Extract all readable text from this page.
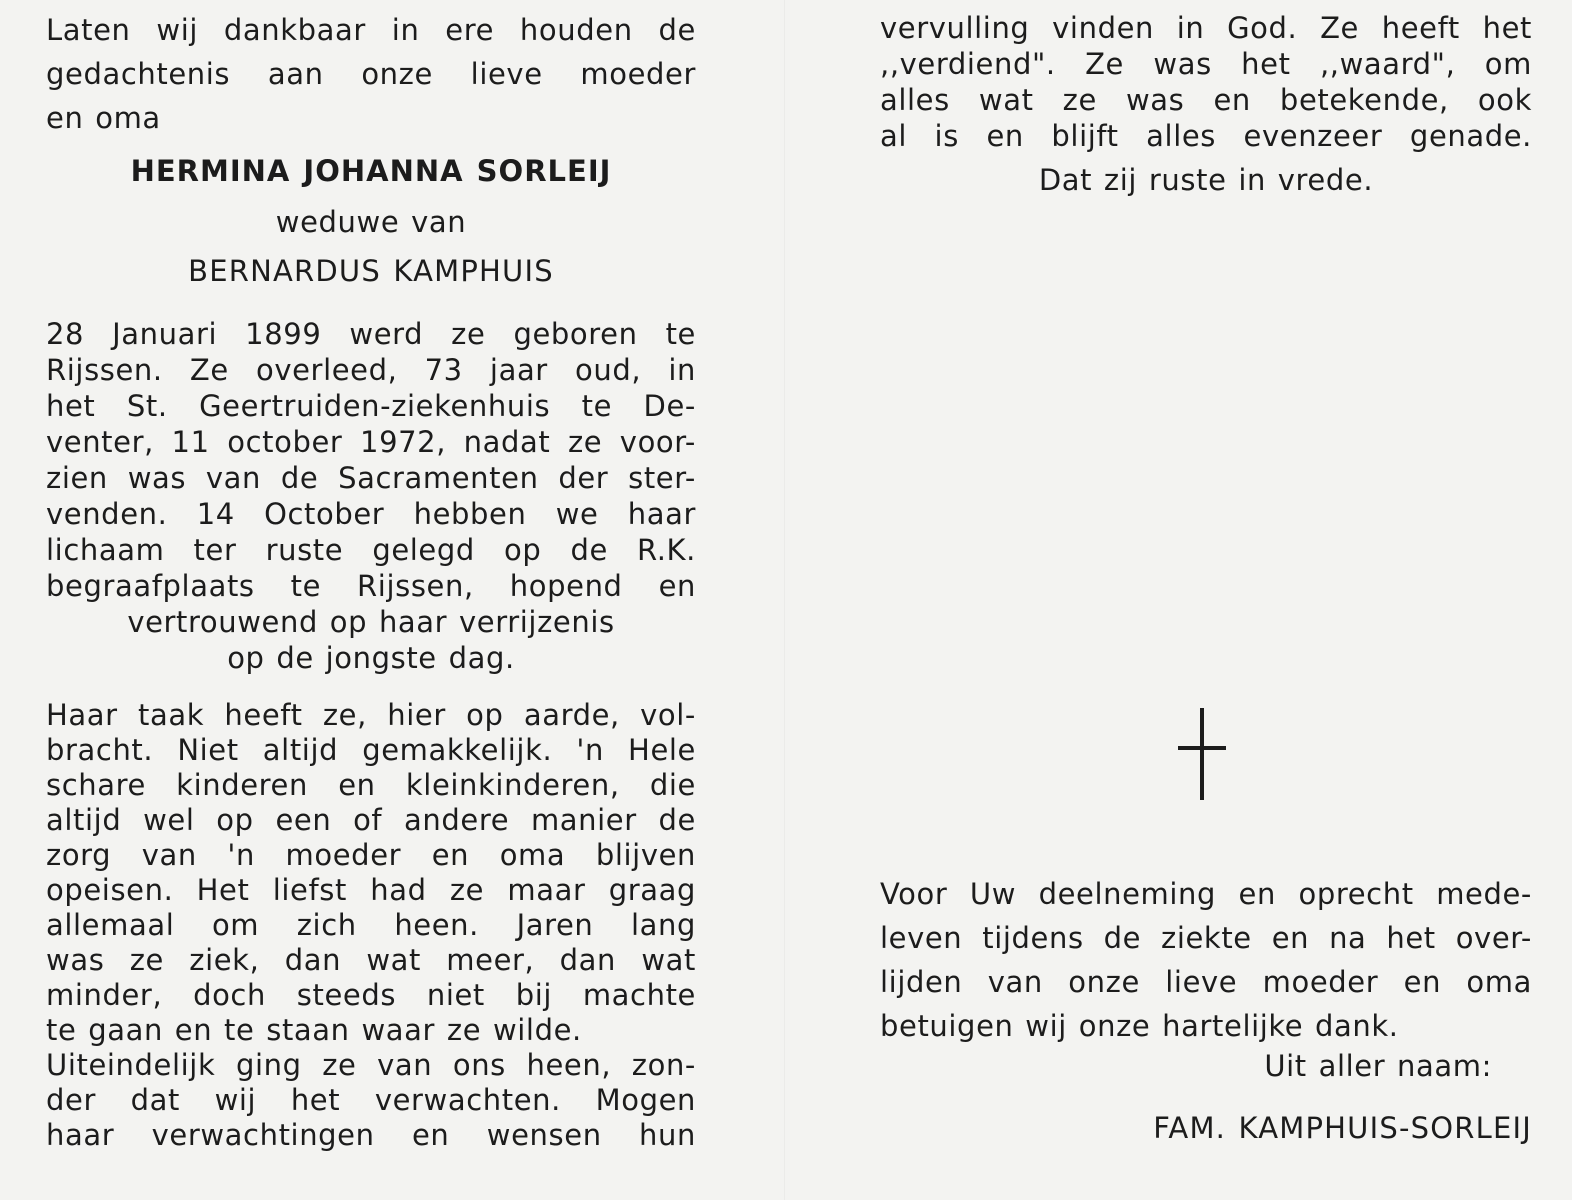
Laten wij dankbaar in ere houden de
gedachtenis aan onze lieve moeder
en oma
HERMINA JOHANNA SORLEIJ
weduwe van
BERNARDUS KAMPHUIS
28 Januari 1899 werd ze geboren te
Rijssen. Ze overleed, 73 jaar oud, in
het St. Geertruiden-ziekenhuis te De-
venter, 11 october 1972, nadat ze voor-
zien was van de Sacramenten der ster-
venden. 14 October hebben we haar
lichaam ter ruste gelegd op de R.K.
begraafplaats te Rijssen, hopend en
vertrouwend op haar verrijzenis
op de jongste dag.
Haar taak heeft ze, hier op aarde, vol-
bracht. Niet altijd gemakkelijk. 'n Hele
schare kinderen en kleinkinderen, die
altijd wel op een of andere manier de
zorg van 'n moeder en oma blijven
opeisen. Het liefst had ze maar graag
allemaal om zich heen. Jaren lang
was ze ziek, dan wat meer, dan wat
minder, doch steeds niet bij machte
te gaan en te staan waar ze wilde.
Uiteindelijk ging ze van ons heen, zon-
der dat wij het verwachten. Mogen
haar verwachtingen en wensen hun
vervulling vinden in God. Ze heeft het
,,verdiend". Ze was het ,,waard", om
alles wat ze was en betekende, ook
al is en blijft alles evenzeer genade.
Dat zij ruste in vrede.
Voor Uw deelneming en oprecht mede-
leven tijdens de ziekte en na het over-
lijden van onze lieve moeder en oma
betuigen wij onze hartelijke dank.
Uit aller naam:
FAM. KAMPHUIS-SORLEIJ
